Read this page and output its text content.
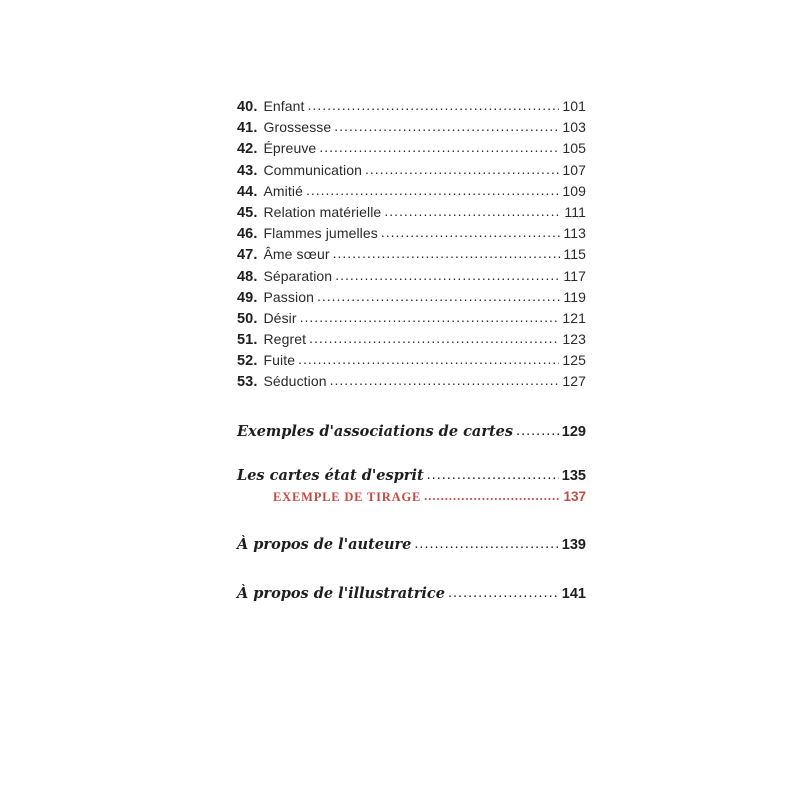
40. Enfant .....	101
41. Grossesse .....	103
42. Épreuve .....	105
43. Communication .....	107
44. Amitié .....	109
45. Relation matérielle .....	111
46. Flammes jumelles .....	113
47. Âme sœur .....	115
48. Séparation .....	117
49. Passion .....	119
50. Désir .....	121
51. Regret .....	123
52. Fuite .....	125
53. Séduction .....	127
Exemples d'associations de cartes .....	129
Les cartes état d'esprit .....	135
EXEMPLE DE TIRAGE .....	137
À propos de l'auteure .....	139
À propos de l'illustratrice .....	141
